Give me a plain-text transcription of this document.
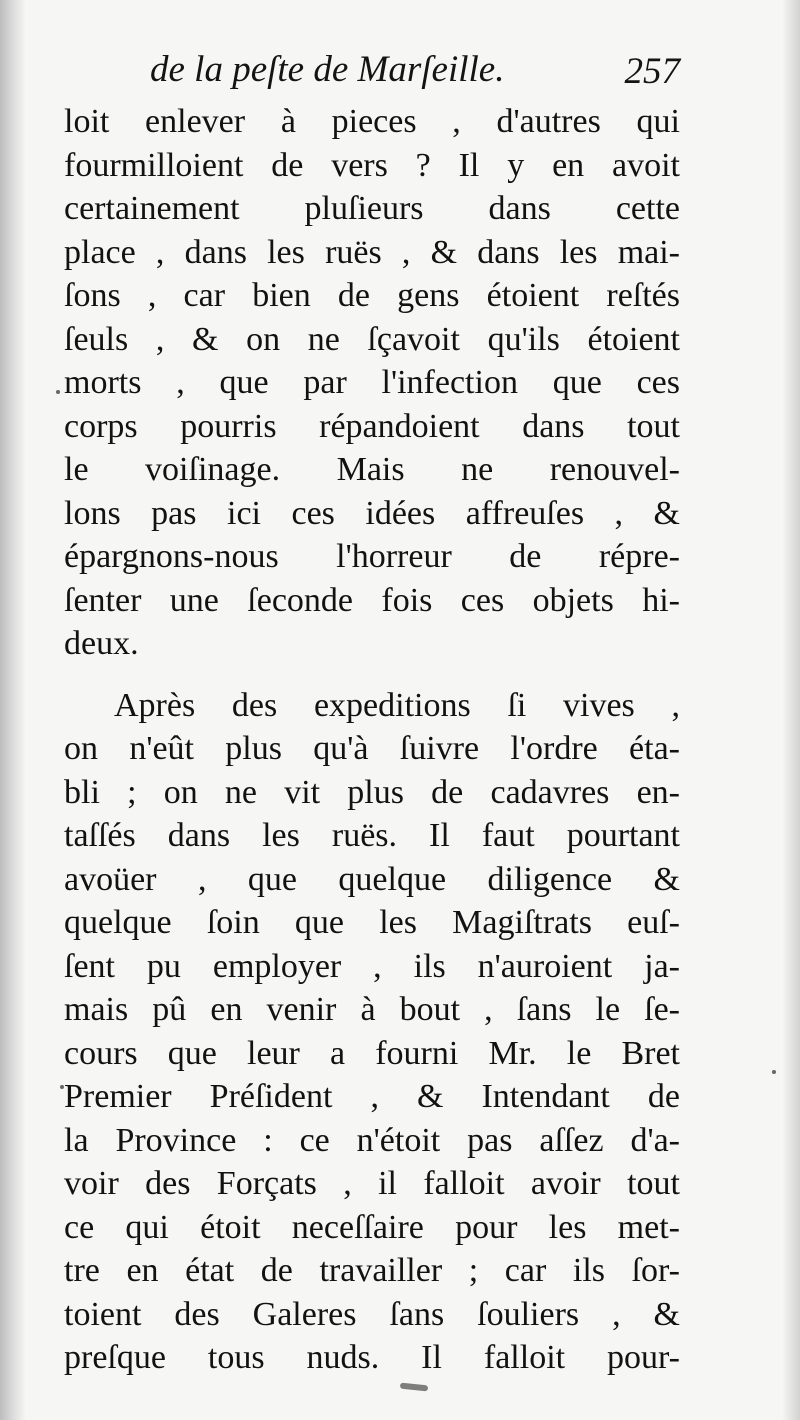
de la peſte de Marſeille.	257
loit enlever à pieces , d'autres qui
fourmilloient de vers ? Il y en avoit
certainement pluſieurs dans cette
place , dans les ruës , & dans les mai-
ſons , car bien de gens étoient reſtés
ſeuls , & on ne ſçavoit qu'ils étoient
morts , que par l'infection que ces
corps pourris répandoient dans tout
le voiſinage. Mais ne renouvel-
lons pas ici ces idées affreuſes , &
épargnons-nous l'horreur de répre-
ſenter une ſeconde fois ces objets hi-
deux.
Après des expeditions ſi vives ,
on n'eût plus qu'à ſuivre l'ordre éta-
bli ; on ne vit plus de cadavres en-
taſſés dans les ruës. Il faut pourtant
avoüer , que quelque diligence &
quelque ſoin que les Magiſtrats euſ-
ſent pu employer , ils n'auroient ja-
mais pû en venir à bout , ſans le ſe-
cours que leur a fourni Mr. le Bret
Premier Préſident , & Intendant de
la Province : ce n'étoit pas aſſez d'a-
voir des Forçats , il falloit avoir tout
ce qui étoit neceſſaire pour les met-
tre en état de travailler ; car ils ſor-
toient des Galeres ſans ſouliers , &
preſque tous nuds. Il falloit pour-
